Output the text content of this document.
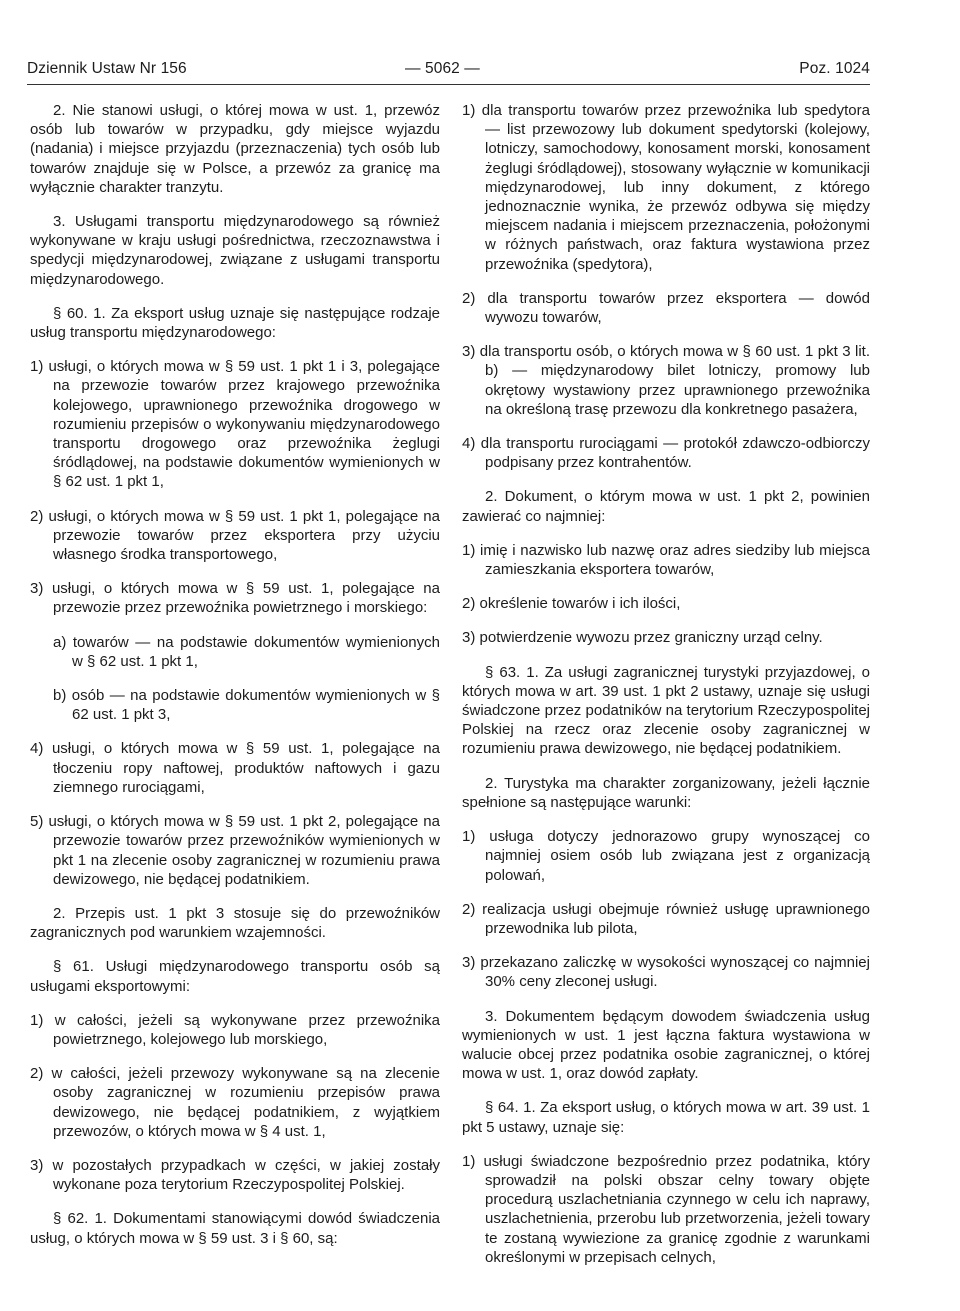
Dziennik Ustaw Nr 156	— 5062 —	Poz. 1024

2. Nie stanowi usługi, o której mowa w ust. 1, przewóz osób lub towarów w przypadku, gdy miejsce wyjazdu (nadania) i miejsce przyjazdu (przeznaczenia) tych osób lub towarów znajduje się w Polsce, a przewóz za granicę ma wyłącznie charakter tranzytu.

3. Usługami transportu międzynarodowego są również wykonywane w kraju usługi pośrednictwa, rzeczoznawstwa i spedycji międzynarodowej, związane z usługami transportu międzynarodowego.

§ 60. 1. Za eksport usług uznaje się następujące rodzaje usług transportu międzynarodowego:

1) usługi, o których mowa w § 59 ust. 1 pkt 1 i 3, polegające na przewozie towarów przez krajowego przewoźnika kolejowego, uprawnionego przewoźnika drogowego w rozumieniu przepisów o wykonywaniu międzynarodowego transportu drogowego oraz przewoźnika żeglugi śródlądowej, na podstawie dokumentów wymienionych w § 62 ust. 1 pkt 1,

2) usługi, o których mowa w § 59 ust. 1 pkt 1, polegające na przewozie towarów przez eksportera przy użyciu własnego środka transportowego,

3) usługi, o których mowa w § 59 ust. 1, polegające na przewozie przez przewoźnika powietrznego i morskiego:

a) towarów — na podstawie dokumentów wymienionych w § 62 ust. 1 pkt 1,

b) osób — na podstawie dokumentów wymienionych w § 62 ust. 1 pkt 3,

4) usługi, o których mowa w § 59 ust. 1, polegające na tłoczeniu ropy naftowej, produktów naftowych i gazu ziemnego rurociągami,

5) usługi, o których mowa w § 59 ust. 1 pkt 2, polegające na przewozie towarów przez przewoźników wymienionych w pkt 1 na zlecenie osoby zagranicznej w rozumieniu prawa dewizowego, nie będącej podatnikiem.

2. Przepis ust. 1 pkt 3 stosuje się do przewoźników zagranicznych pod warunkiem wzajemności.

§ 61. Usługi międzynarodowego transportu osób są usługami eksportowymi:

1) w całości, jeżeli są wykonywane przez przewoźnika powietrznego, kolejowego lub morskiego,

2) w całości, jeżeli przewozy wykonywane są na zlecenie osoby zagranicznej w rozumieniu przepisów prawa dewizowego, nie będącej podatnikiem, z wyjątkiem przewozów, o których mowa w § 4 ust. 1,

3) w pozostałych przypadkach w części, w jakiej zostały wykonane poza terytorium Rzeczypospolitej Polskiej.

§ 62. 1. Dokumentami stanowiącymi dowód świadczenia usług, o których mowa w § 59 ust. 3 i § 60, są:

1) dla transportu towarów przez przewoźnika lub spedytora — list przewozowy lub dokument spedytorski (kolejowy, lotniczy, samochodowy, konosament morski, konosament żeglugi śródlądowej), stosowany wyłącznie w komunikacji międzynarodowej, lub inny dokument, z którego jednoznacznie wynika, że przewóz odbywa się między miejscem nadania i miejscem przeznaczenia, położonymi w różnych państwach, oraz faktura wystawiona przez przewoźnika (spedytora),

2) dla transportu towarów przez eksportera — dowód wywozu towarów,

3) dla transportu osób, o których mowa w § 60 ust. 1 pkt 3 lit. b) — międzynarodowy bilet lotniczy, promowy lub okrętowy wystawiony przez uprawnionego przewoźnika na określoną trasę przewozu dla konkretnego pasażera,

4) dla transportu rurociągami — protokół zdawczo-odbiorczy podpisany przez kontrahentów.

2. Dokument, o którym mowa w ust. 1 pkt 2, powinien zawierać co najmniej:

1) imię i nazwisko lub nazwę oraz adres siedziby lub miejsca zamieszkania eksportera towarów,

2) określenie towarów i ich ilości,

3) potwierdzenie wywozu przez graniczny urząd celny.

§ 63. 1. Za usługi zagranicznej turystyki przyjazdowej, o których mowa w art. 39 ust. 1 pkt 2 ustawy, uznaje się usługi świadczone przez podatników na terytorium Rzeczypospolitej Polskiej na rzecz oraz zlecenie osoby zagranicznej w rozumieniu prawa dewizowego, nie będącej podatnikiem.

2. Turystyka ma charakter zorganizowany, jeżeli łącznie spełnione są następujące warunki:

1) usługa dotyczy jednorazowo grupy wynoszącej co najmniej osiem osób lub związana jest z organizacją polowań,

2) realizacja usługi obejmuje również usługę uprawnionego przewodnika lub pilota,

3) przekazano zaliczkę w wysokości wynoszącej co najmniej 30% ceny zleconej usługi.

3. Dokumentem będącym dowodem świadczenia usług wymienionych w ust. 1 jest łączna faktura wystawiona w walucie obcej przez podatnika osobie zagranicznej, o której mowa w ust. 1, oraz dowód zapłaty.

§ 64. 1. Za eksport usług, o których mowa w art. 39 ust. 1 pkt 5 ustawy, uznaje się:

1) usługi świadczone bezpośrednio przez podatnika, który sprowadził na polski obszar celny towary objęte procedurą uszlachetniania czynnego w celu ich naprawy, uszlachetnienia, przerobu lub przetworzenia, jeżeli towary te zostaną wywiezione za granicę zgodnie z warunkami określonymi w przepisach celnych,
